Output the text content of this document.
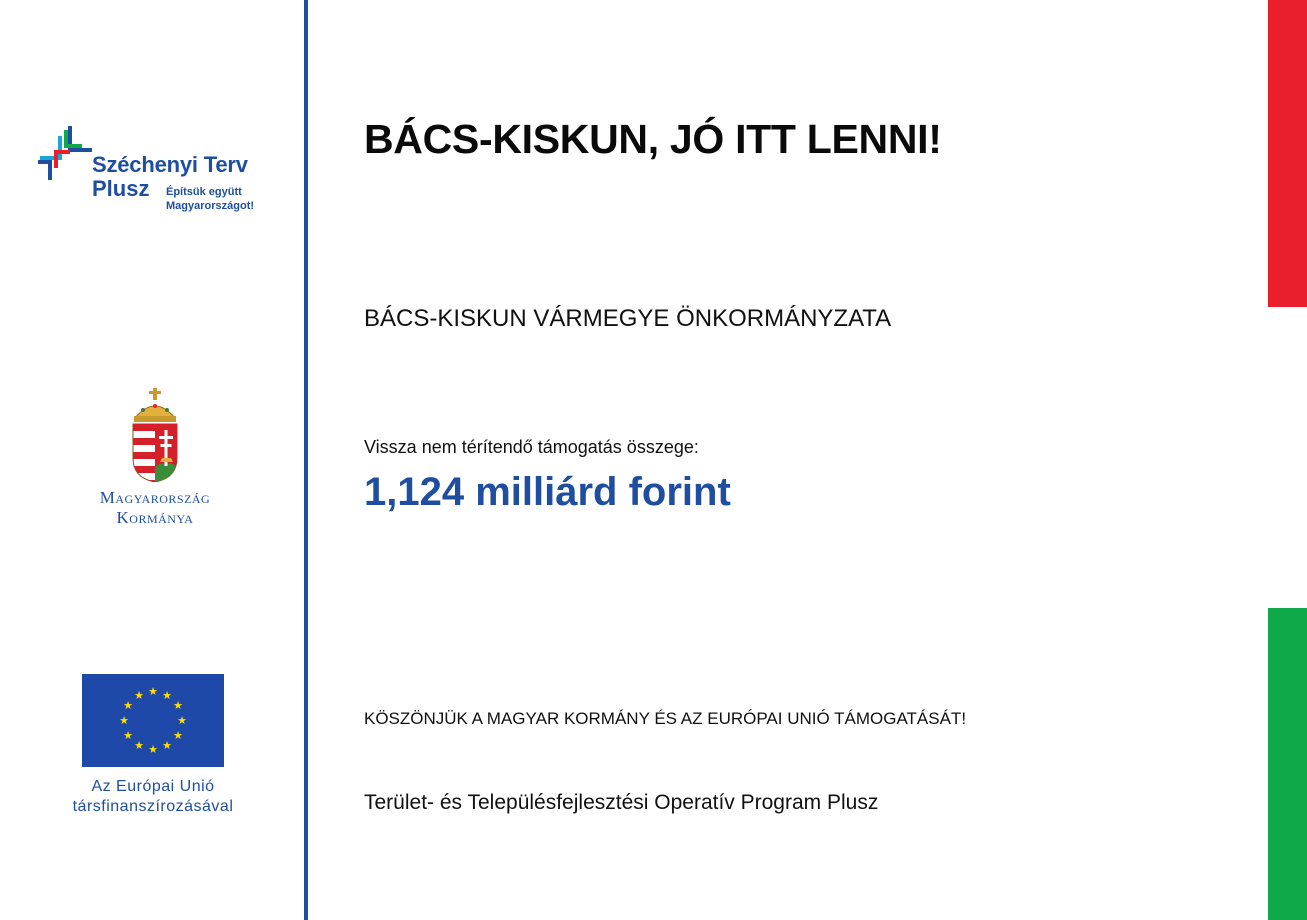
Széchenyi Terv
Plusz Építsük együtt
Magyarországot!
Magyarország
Kormánya
★ ★
★
★
★
★
★
★
★
★
★
★
Az Európai Unió
társfinanszírozásával
BÁCS-KISKUN, JÓ ITT LENNI!
BÁCS-KISKUN VÁRMEGYE ÖNKORMÁNYZATA
Vissza nem térítendő támogatás összege:
1,124 milliárd forint
KÖSZÖNJÜK A MAGYAR KORMÁNY ÉS AZ EURÓPAI UNIÓ TÁMOGATÁSÁT!
Terület- és Településfejlesztési Operatív Program Plusz
